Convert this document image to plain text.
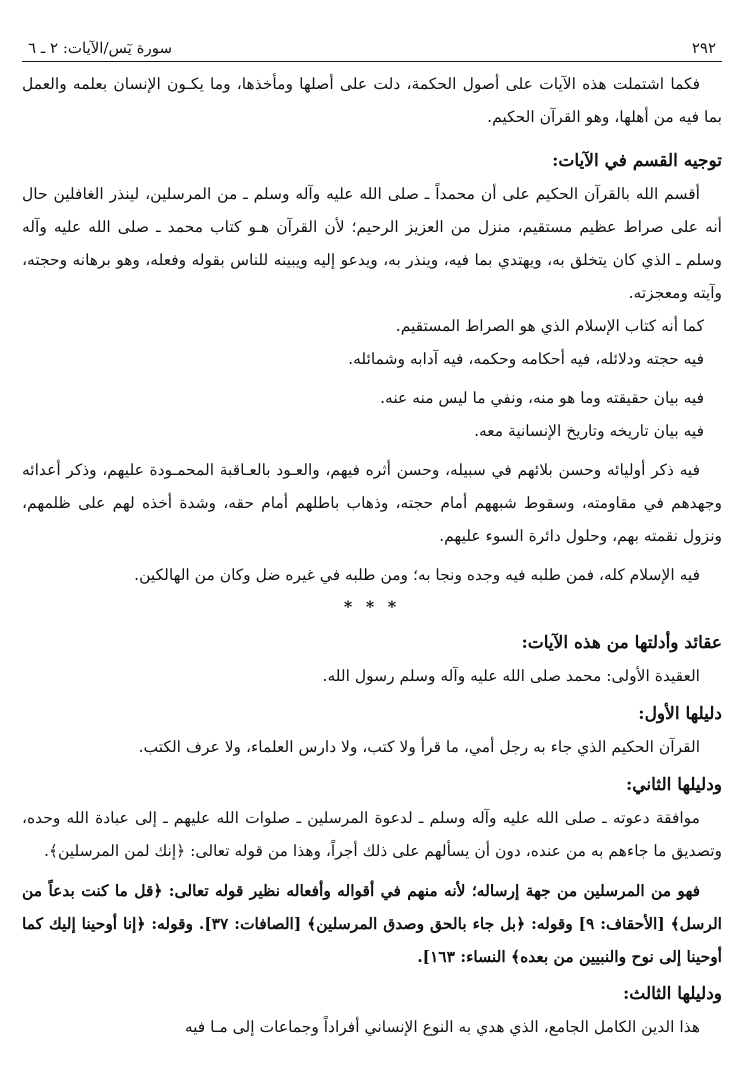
٢٩٢
سورة يٓس/الآيات: ٢ ـ ٦

فكما اشتملت هذه الآيات على أصول الحكمة، دلت على أصلها ومأخذها، وما يكـون الإنسان بعلمه والعمل بما فيه من أهلها، وهو القرآن الحكيم.

توجيه القسم في الآيات:

أقسم الله بالقرآن الحكيم على أن محمداً ـ صلى الله عليه وآله وسلم ـ من المرسلين، لينذر الغافلين حال أنه على صراط عظيم مستقيم، منزل من العزيز الرحيم؛ لأن القرآن هـو كتاب محمد ـ صلى الله عليه وآله وسلم ـ الذي كان يتخلق به، ويهتدي بما فيه، وينذر به، ويدعو إليه ويبينه للناس بقوله وفعله، وهو برهانه وحجته، وآيته ومعجزته.

كما أنه كتاب الإسلام الذي هو الصراط المستقيم.

فيه حجته ودلائله، فيه أحكامه وحكمه، فيه آدابه وشمائله.

فيه بيان حقيقته وما هو منه، ونفي ما ليس منه عنه.

فيه بيان تاريخه وتاريخ الإنسانية معه.

فيه ذكر أوليائه وحسن بلائهم في سبيله، وحسن أثره فيهم، والعـود بالعـاقبة المحمـودة عليهم، وذكر أعدائه وجهدهم في مقاومته، وسقوط شبههم أمام حجته، وذهاب باطلهم أمام حقه، وشدة أخذه لهم على ظلمهم، ونزول نقمته بهم، وحلول دائرة السوء عليهم.

فيه الإسلام كله، فمن طلبه فيه وجده ونجا به؛ ومن طلبه في غيره ضل وكان من الهالكين.

* * *
عقائد وأدلتها من هذه الآيات:

العقيدة الأولى: محمد صلى الله عليه وآله وسلم رسول الله.

دليلها الأول:

القرآن الحكيم الذي جاء به رجل أمي، ما قرأ ولا كتب، ولا دارس العلماء، ولا عرف الكتب.

ودليلها الثاني:

موافقة دعوته ـ صلى الله عليه وآله وسلم ـ لدعوة المرسلين ـ صلوات الله عليهم ـ إلى عبادة الله وحده، وتصديق ما جاءهم به من عنده، دون أن يسألهم على ذلك أجراً، وهذا من قوله تعالى: ﴿إنك لمن المرسلين﴾.

فهو من المرسلين من جهة إرساله؛ لأنه منهم في أقواله وأفعاله نظير قوله تعالى: ﴿قل ما كنت بدعاً من الرسل﴾ [الأحقاف: ٩] وقوله: ﴿بل جاء بالحق وصدق المرسلين﴾ [الصافات: ٣٧]. وقوله: ﴿إنا أوحينا إليك كما أوحينا إلى نوح والنبيين من بعده﴾ النساء: ١٦٣].

ودليلها الثالث:

هذا الدين الكامل الجامع، الذي هدي به النوع الإنساني أفراداً وجماعات إلى مـا فيه
